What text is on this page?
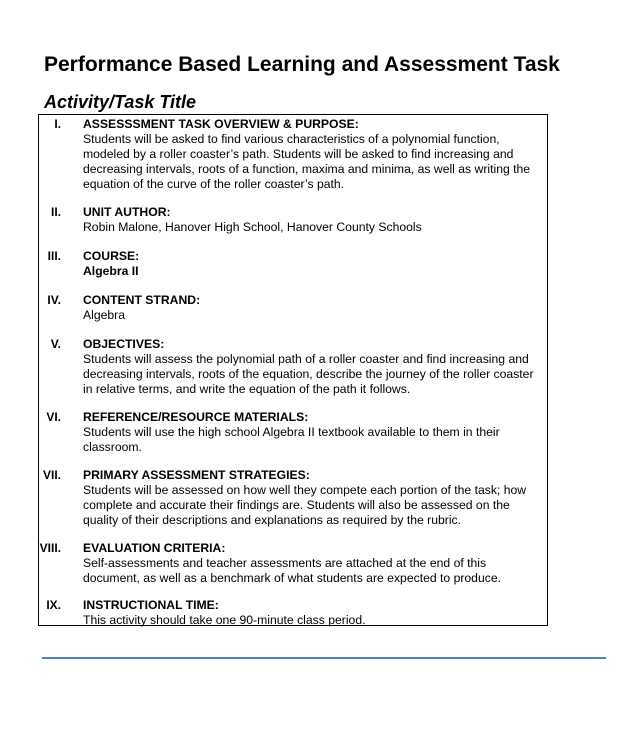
Performance Based Learning and Assessment Task
Activity/Task Title
I. ASSESSSMENT TASK OVERVIEW & PURPOSE:
Students will be asked to find various characteristics of a polynomial function, modeled by a roller coaster’s path. Students will be asked to find increasing and decreasing intervals, roots of a function, maxima and minima, as well as writing the equation of the curve of the roller coaster’s path.
II. UNIT AUTHOR:
Robin Malone, Hanover High School, Hanover County Schools
III. COURSE:
Algebra II
IV. CONTENT STRAND:
Algebra
V. OBJECTIVES:
Students will assess the polynomial path of a roller coaster and find increasing and decreasing intervals, roots of the equation, describe the journey of the roller coaster in relative terms, and write the equation of the path it follows.
VI. REFERENCE/RESOURCE MATERIALS:
Students will use the high school Algebra II textbook available to them in their classroom.
VII. PRIMARY ASSESSMENT STRATEGIES:
Students will be assessed on how well they compete each portion of the task; how complete and accurate their findings are. Students will also be assessed on the quality of their descriptions and explanations as required by the rubric.
VIII. EVALUATION CRITERIA:
Self-assessments and teacher assessments are attached at the end of this document, as well as a benchmark of what students are expected to produce.
IX. INSTRUCTIONAL TIME:
This activity should take one 90-minute class period.
